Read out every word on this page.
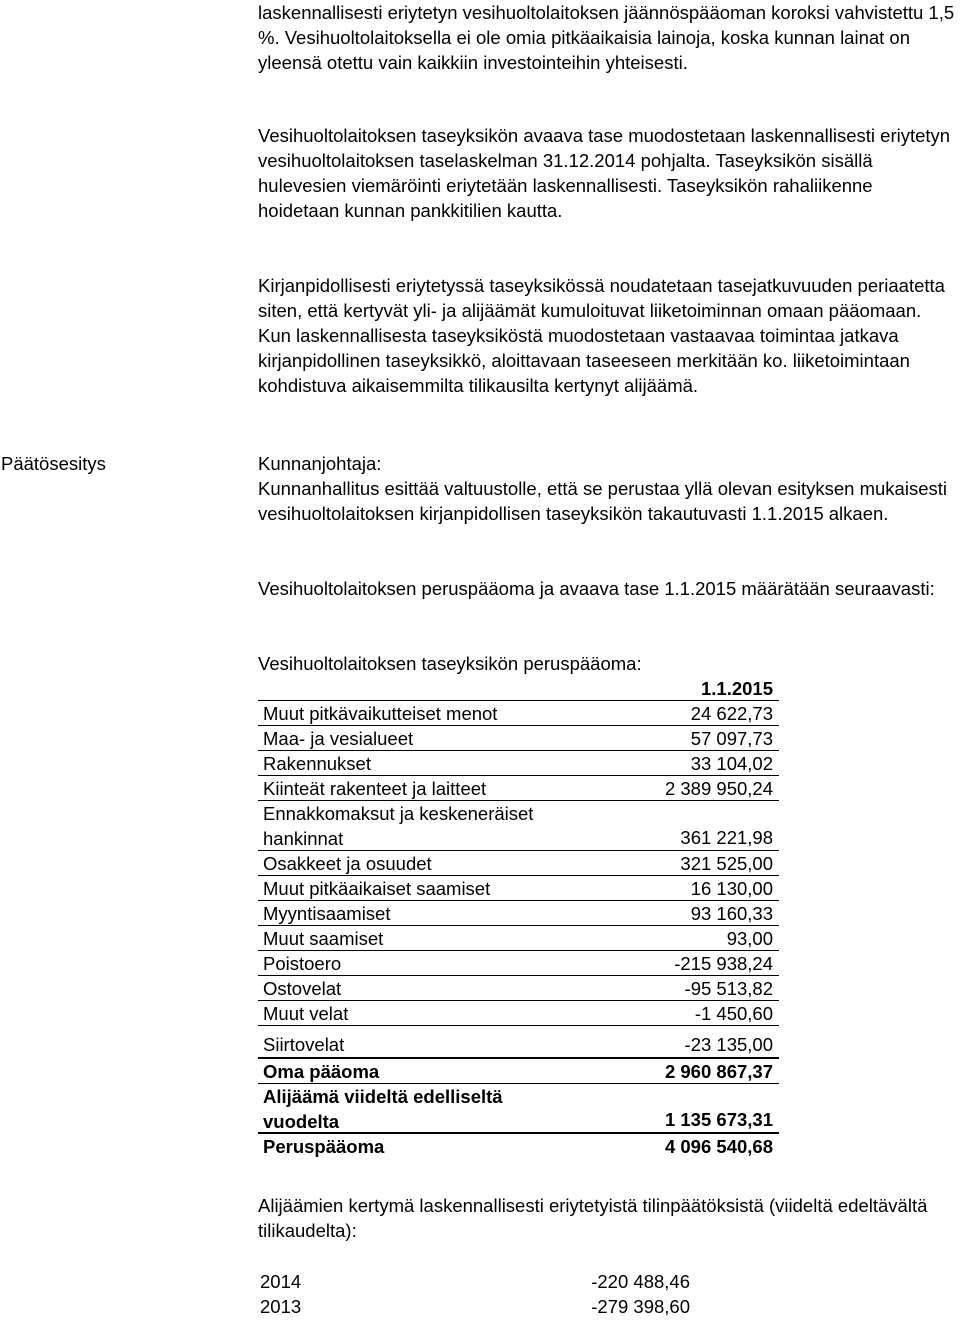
Päätösesitys

laskennallisesti eriytetyn vesihuoltolaitoksen jäännöspääoman koroksi vahvistettu 1,5 %. Vesihuoltolaitoksella ei ole omia pitkäaikaisia lainoja, koska kunnan lainat on yleensä otettu vain kaikkiin investointeihin yhteisesti.

Vesihuoltolaitoksen taseyksikön avaava tase muodostetaan laskennallisesti eriytetyn vesihuoltolaitoksen taselaskelman 31.12.2014 pohjalta. Taseyksikön sisällä hulevesien viemäröinti eriytetään laskennallisesti. Taseyksikön rahaliikenne hoidetaan kunnan pankkitilien kautta.

Kirjanpidollisesti eriytetyssä taseyksikössä noudatetaan tasejatkuvuuden periaatetta siten, että kertyvät yli- ja alijäämät kumuloituvat liiketoiminnan omaan pääomaan. Kun laskennallisesta taseyksiköstä muodostetaan vastaavaa toimintaa jatkava kirjanpidollinen taseyksikkö, aloittavaan taseeseen merkitään ko. liiketoimintaan kohdistuva aikaisemmilta tilikausilta kertynyt alijäämä.

Kunnanjohtaja:

Kunnanhallitus esittää valtuustolle, että se perustaa yllä olevan esityksen mukaisesti vesihuoltolaitoksen kirjanpidollisen taseyksikön takautuvasti 1.1.2015 alkaen.

Vesihuoltolaitoksen peruspääoma ja avaava tase 1.1.2015 määrätään seuraavasti:

Vesihuoltolaitoksen taseyksikön peruspääoma:

1.1.2015
Muut pitkävaikutteiset menot	24 622,73
Maa- ja vesialueet	57 097,73
Rakennukset	33 104,02
Kiinteät rakenteet ja laitteet	2 389 950,24
Ennakkomaksut ja keskeneräiset hankinnat	361 221,98
Osakkeet ja osuudet	321 525,00
Muut pitkäaikaiset saamiset	16 130,00
Myyntisaamiset	93 160,33
Muut saamiset	93,00
Poistoero	-215 938,24
Ostovelat	-95 513,82
Muut velat	-1 450,60
Siirtovelat	-23 135,00
Oma pääoma	2 960 867,37
Alijäämä viideltä edelliseltä vuodelta	1 135 673,31
Peruspääoma	4 096 540,68

Alijäämien kertymä laskennallisesti eriytetyistä tilinpäätöksistä (viideltä edeltävältä tilikaudelta):

2014	-220 488,46
2013	-279 398,60
